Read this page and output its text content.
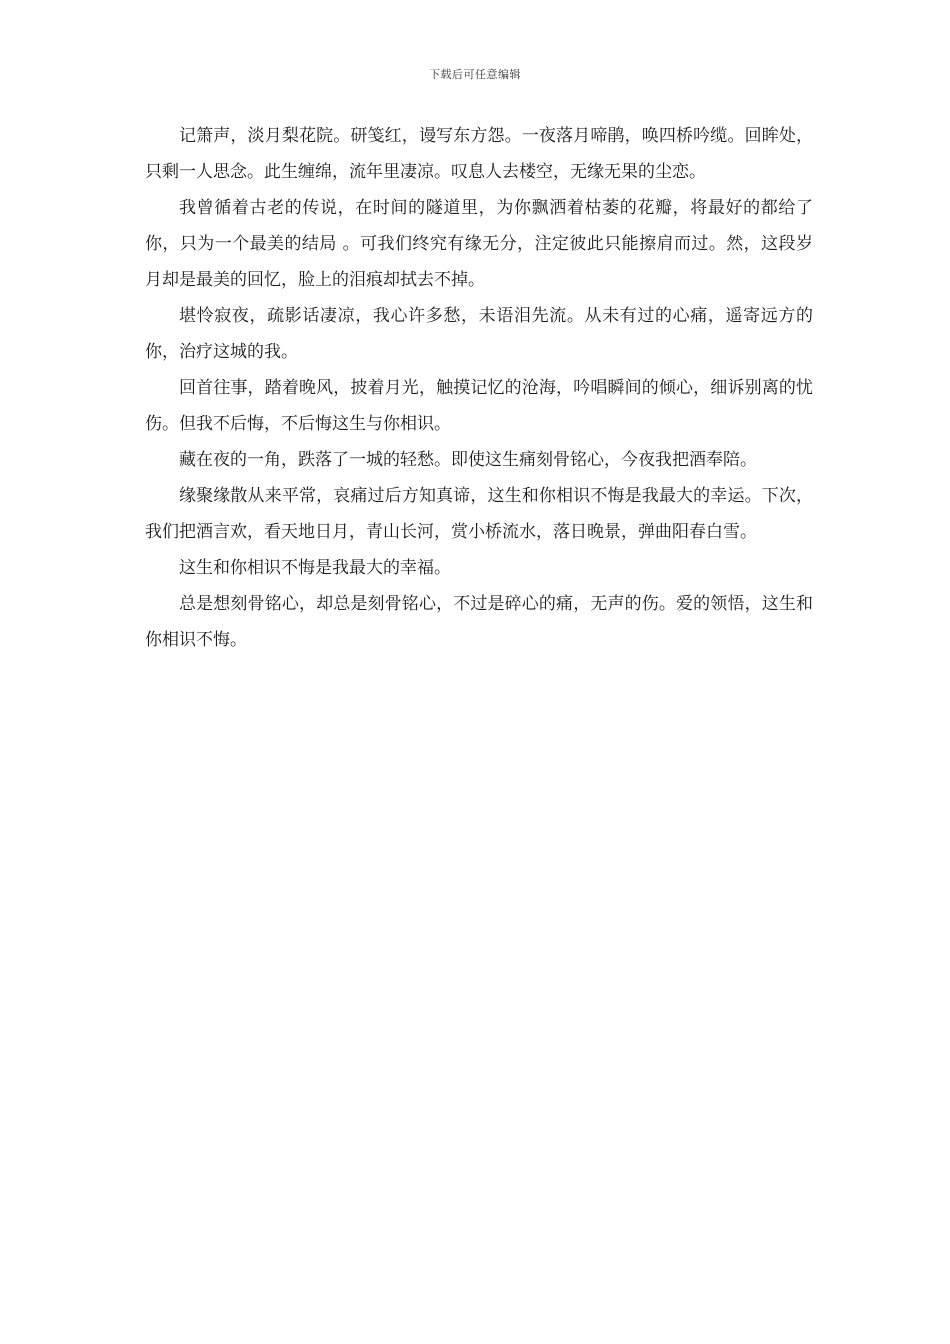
下载后可任意编辑

记箫声，淡月梨花院。研笺红，谩写东方怨。一夜落月啼鹃，唤四桥吟缆。回眸处，只剩一人思念。此生缠绵，流年里凄凉。叹息人去楼空，无缘无果的尘恋。

我曾循着古老的传说，在时间的隧道里，为你飘洒着枯萎的花瓣，将最好的都给了你，只为一个最美的结局 。可我们终究有缘无分，注定彼此只能擦肩而过。然，这段岁月却是最美的回忆，脸上的泪痕却拭去不掉。

堪怜寂夜，疏影话凄凉，我心许多愁，未语泪先流。从未有过的心痛，遥寄远方的你，治疗这城的我。

回首往事，踏着晚风，披着月光，触摸记忆的沧海，吟唱瞬间的倾心，细诉别离的忧伤。但我不后悔，不后悔这生与你相识。

藏在夜的一角，跌落了一城的轻愁。即使这生痛刻骨铭心，今夜我把酒奉陪。

缘聚缘散从来平常，哀痛过后方知真谛，这生和你相识不悔是我最大的幸运。下次，我们把酒言欢，看天地日月，青山长河，赏小桥流水，落日晚景，弹曲阳春白雪。

这生和你相识不悔是我最大的幸福。

总是想刻骨铭心，却总是刻骨铭心，不过是碎心的痛，无声的伤。爱的领悟，这生和你相识不悔。
